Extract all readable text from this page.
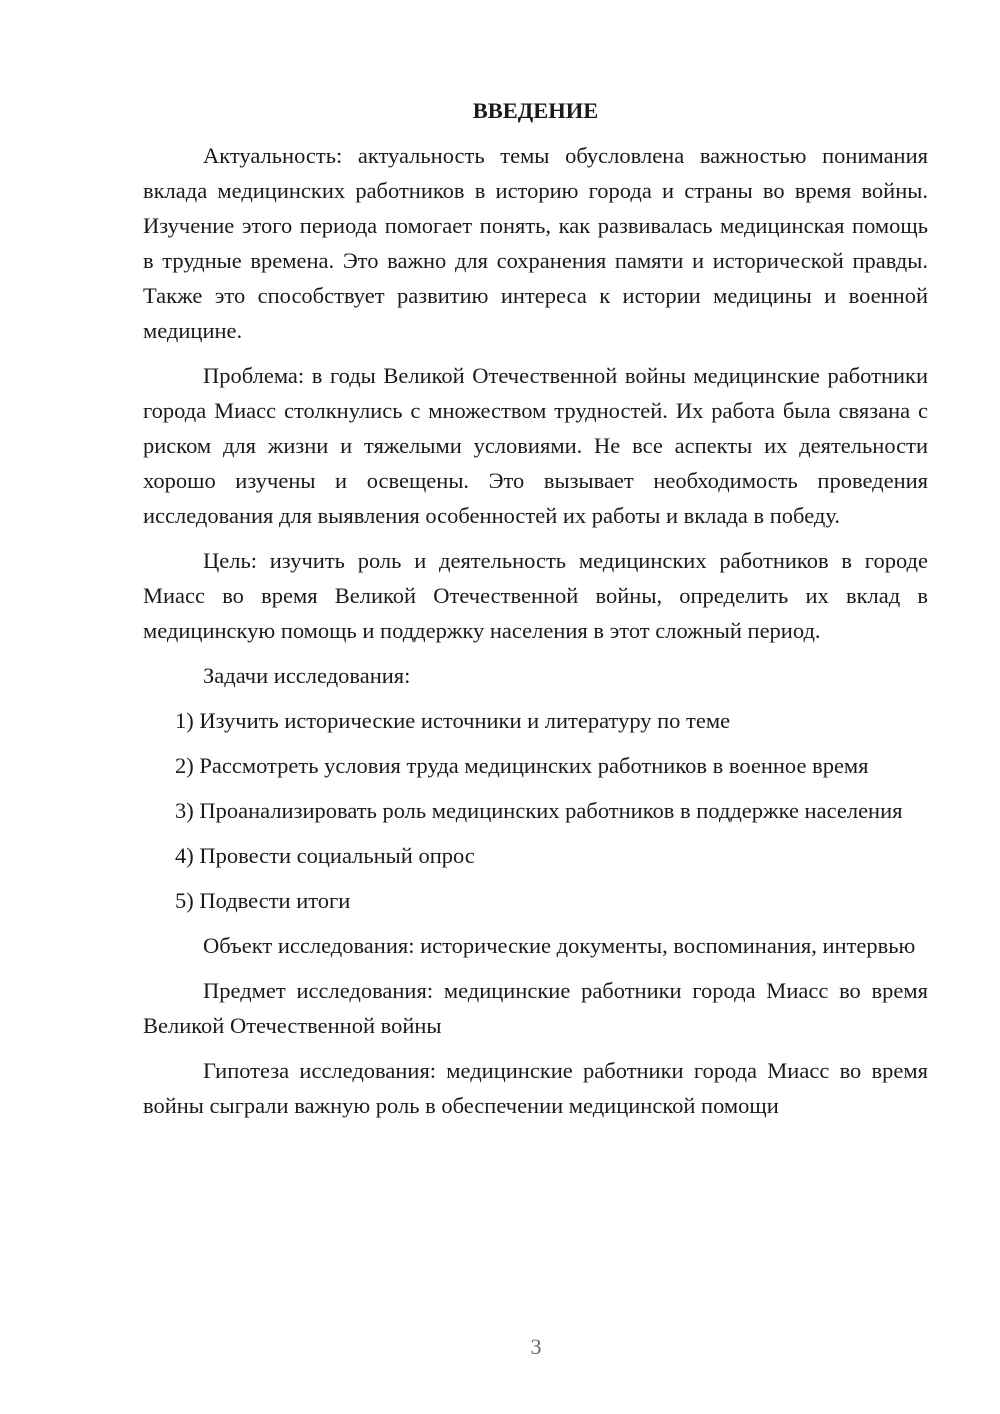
ВВЕДЕНИЕ

Актуальность: актуальность темы обусловлена важностью понимания вклада медицинских работников в историю города и страны во время войны. Изучение этого периода помогает понять, как развивалась медицинская помощь в трудные времена. Это важно для сохранения памяти и исторической правды. Также это способствует развитию интереса к истории медицины и военной медицине.

Проблема: в годы Великой Отечественной войны медицинские работники города Миасс столкнулись с множеством трудностей. Их работа была связана с риском для жизни и тяжелыми условиями. Не все аспекты их деятельности хорошо изучены и освещены. Это вызывает необходимость проведения исследования для выявления особенностей их работы и вклада в победу.

Цель: изучить роль и деятельность медицинских работников в городе Миасс во время Великой Отечественной войны, определить их вклад в медицинскую помощь и поддержку населения в этот сложный период.

Задачи исследования:

1) Изучить исторические источники и литературу по теме

2) Рассмотреть условия труда медицинских работников в военное время

3) Проанализировать роль медицинских работников в поддержке населения

4) Провести социальный опрос

5) Подвести итоги

Объект исследования: исторические документы, воспоминания, интервью

Предмет исследования: медицинские работники города Миасс во время Великой Отечественной войны

Гипотеза исследования: медицинские работники города Миасс во время войны сыграли важную роль в обеспечении медицинской помощи

3
